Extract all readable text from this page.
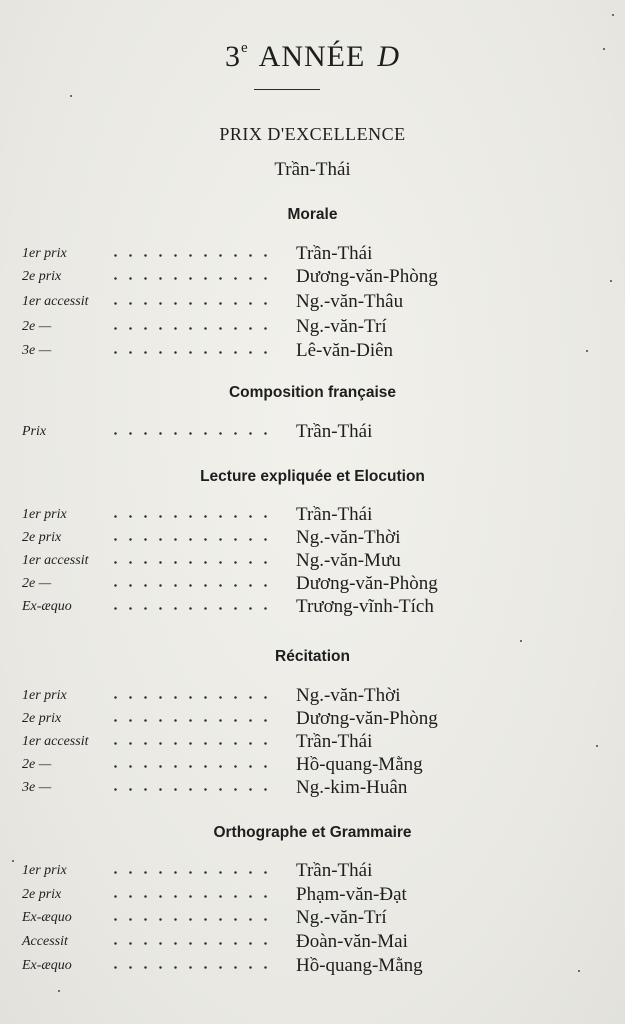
3e ANNÉE D
PRIX D'EXCELLENCE
Trần-Thái
Morale
1er prix	Trần-Thái
2e prix	Dương-văn-Phòng
1er accessit	Ng.-văn-Thâu
2e —	Ng.-văn-Trí
3e —	Lê-văn-Diên
Composition française
Prix	Trần-Thái
Lecture expliquée et Elocution
1er prix	Trần-Thái
2e prix	Ng.-văn-Thời
1er accessit	Ng.-văn-Mưu
2e —	Dương-văn-Phòng
Ex-æquo	Trương-vĩnh-Tích
Récitation
1er prix	Ng.-văn-Thời
2e prix	Dương-văn-Phòng
1er accessit	Trần-Thái
2e —	Hồ-quang-Mằng
3e —	Ng.-kim-Huân
Orthographe et Grammaire
1er prix	Trần-Thái
2e prix	Phạm-văn-Đạt
Ex-æquo	Ng.-văn-Trí
Accessit	Đoàn-văn-Mai
Ex-æquo	Hồ-quang-Mằng
